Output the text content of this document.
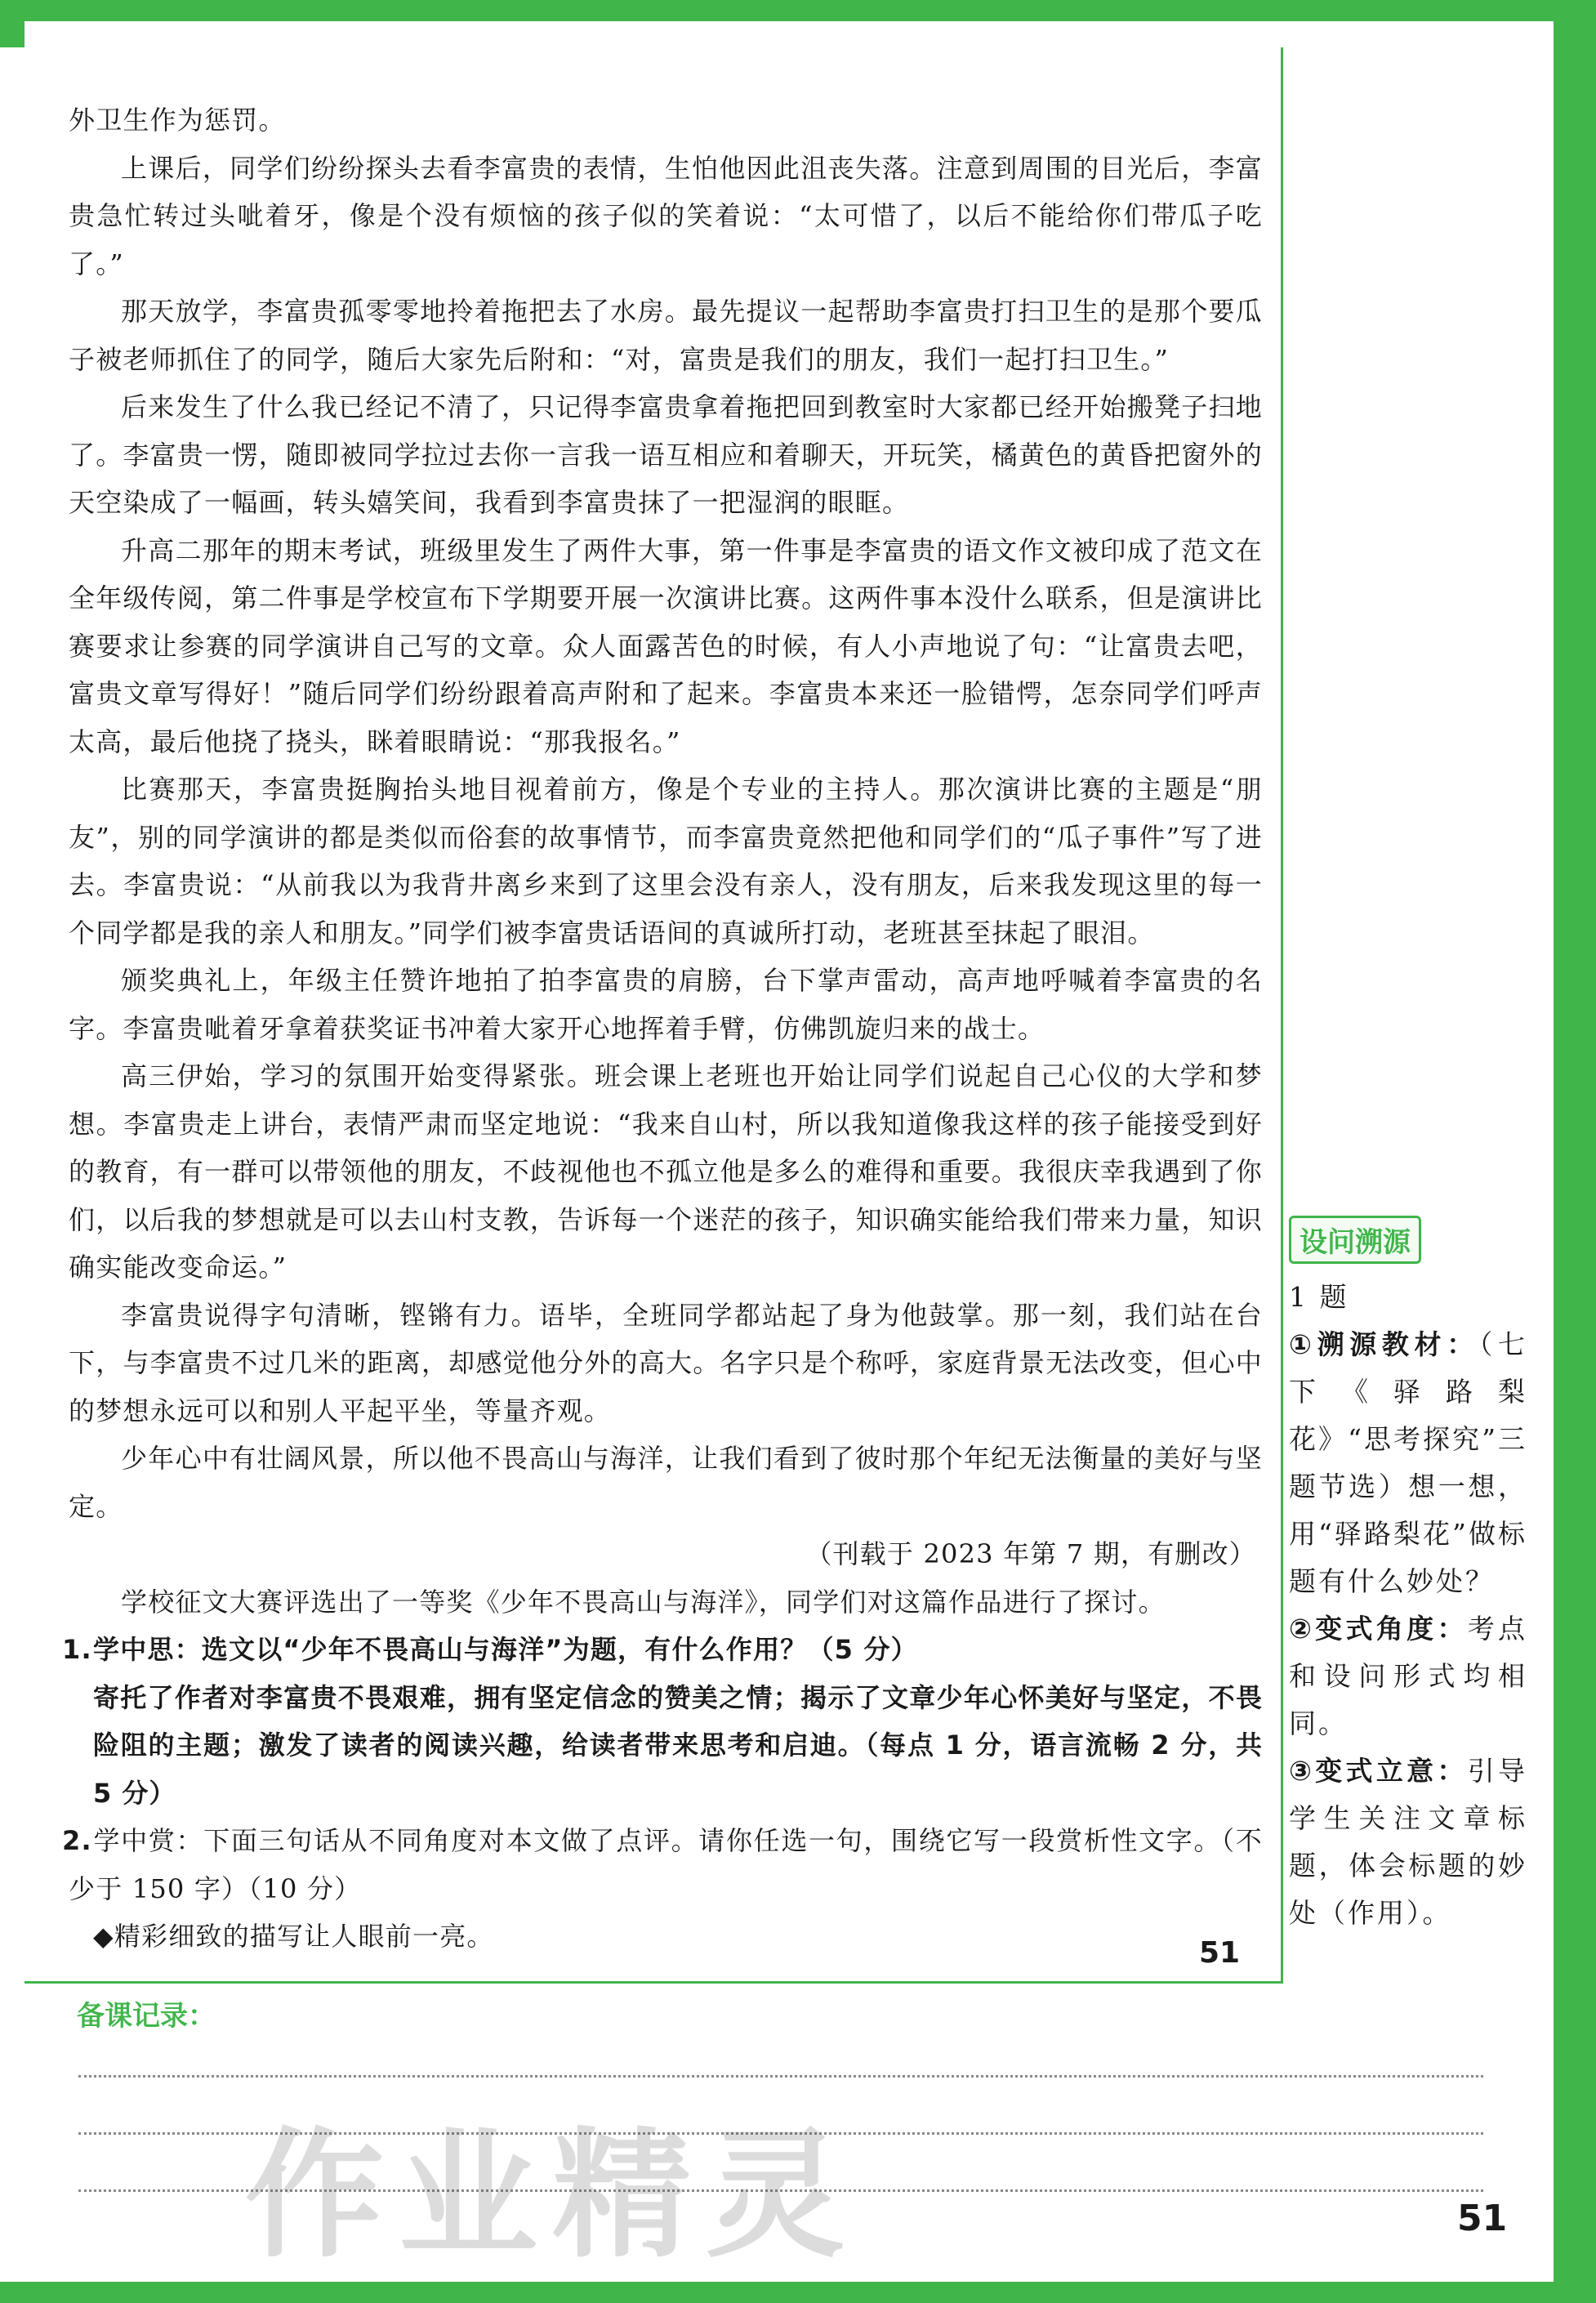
外卫生作为惩罚。

上课后，同学们纷纷探头去看李富贵的表情，生怕他因此沮丧失落。注意到周围的目光后，李富贵急忙转过头呲着牙，像是个没有烦恼的孩子似的笑着说：“太可惜了，以后不能给你们带瓜子吃了。”

那天放学，李富贵孤零零地拎着拖把去了水房。最先提议一起帮助李富贵打扫卫生的是那个要瓜子被老师抓住了的同学，随后大家先后附和：“对，富贵是我们的朋友，我们一起打扫卫生。”

后来发生了什么我已经记不清了，只记得李富贵拿着拖把回到教室时大家都已经开始搬凳子扫地了。李富贵一愣，随即被同学拉过去你一言我一语互相应和着聊天，开玩笑，橘黄色的黄昏把窗外的天空染成了一幅画，转头嬉笑间，我看到李富贵抹了一把湿润的眼眶。

升高二那年的期末考试，班级里发生了两件大事，第一件事是李富贵的语文作文被印成了范文在全年级传阅，第二件事是学校宣布下学期要开展一次演讲比赛。这两件事本没什么联系，但是演讲比赛要求让参赛的同学演讲自己写的文章。众人面露苦色的时候，有人小声地说了句：“让富贵去吧，富贵文章写得好！”随后同学们纷纷跟着高声附和了起来。李富贵本来还一脸错愕，怎奈同学们呼声太高，最后他挠了挠头，眯着眼睛说：“那我报名。”

比赛那天，李富贵挺胸抬头地目视着前方，像是个专业的主持人。那次演讲比赛的主题是“朋友”，别的同学演讲的都是类似而俗套的故事情节，而李富贵竟然把他和同学们的“瓜子事件”写了进去。李富贵说：“从前我以为我背井离乡来到了这里会没有亲人，没有朋友，后来我发现这里的每一个同学都是我的亲人和朋友。”同学们被李富贵话语间的真诚所打动，老班甚至抹起了眼泪。

颁奖典礼上，年级主任赞许地拍了拍李富贵的肩膀，台下掌声雷动，高声地呼喊着李富贵的名字。李富贵呲着牙拿着获奖证书冲着大家开心地挥着手臂，仿佛凯旋归来的战士。

高三伊始，学习的氛围开始变得紧张。班会课上老班也开始让同学们说起自己心仪的大学和梦想。李富贵走上讲台，表情严肃而坚定地说：“我来自山村，所以我知道像我这样的孩子能接受到好的教育，有一群可以带领他的朋友，不歧视他也不孤立他是多么的难得和重要。我很庆幸我遇到了你们，以后我的梦想就是可以去山村支教，告诉每一个迷茫的孩子，知识确实能给我们带来力量，知识确实能改变命运。”

李富贵说得字句清晰，铿锵有力。语毕，全班同学都站起了身为他鼓掌。那一刻，我们站在台下，与李富贵不过几米的距离，却感觉他分外的高大。名字只是个称呼，家庭背景无法改变，但心中的梦想永远可以和别人平起平坐，等量齐观。

少年心中有壮阔风景，所以他不畏高山与海洋，让我们看到了彼时那个年纪无法衡量的美好与坚定。

（刊载于 2023 年第 7 期，有删改）

学校征文大赛评选出了一等奖《少年不畏高山与海洋》，同学们对这篇作品进行了探讨。

1.学中思：选文以“少年不畏高山与海洋”为题，有什么作用？（5 分）

寄托了作者对李富贵不畏艰难，拥有坚定信念的赞美之情；揭示了文章少年心怀美好与坚定，不畏险阻的主题；激发了读者的阅读兴趣，给读者带来思考和启迪。（每点 1 分，语言流畅 2 分，共 5 分）

2.学中赏：下面三句话从不同角度对本文做了点评。请你任选一句，围绕它写一段赏析性文字。（不少于 150 字）（10 分）

◆精彩细致的描写让人眼前一亮。	51
设问溯源
1 题
①溯源教材：（七下《驿路梨花》“思考探究”三题节选）想一想，用“驿路梨花”做标题有什么妙处？
②变式角度：考点和设问形式均相同。
③变式立意：引导学生关注文章标题，体会标题的妙处（作用）。
备课记录：
作业精灵	51
